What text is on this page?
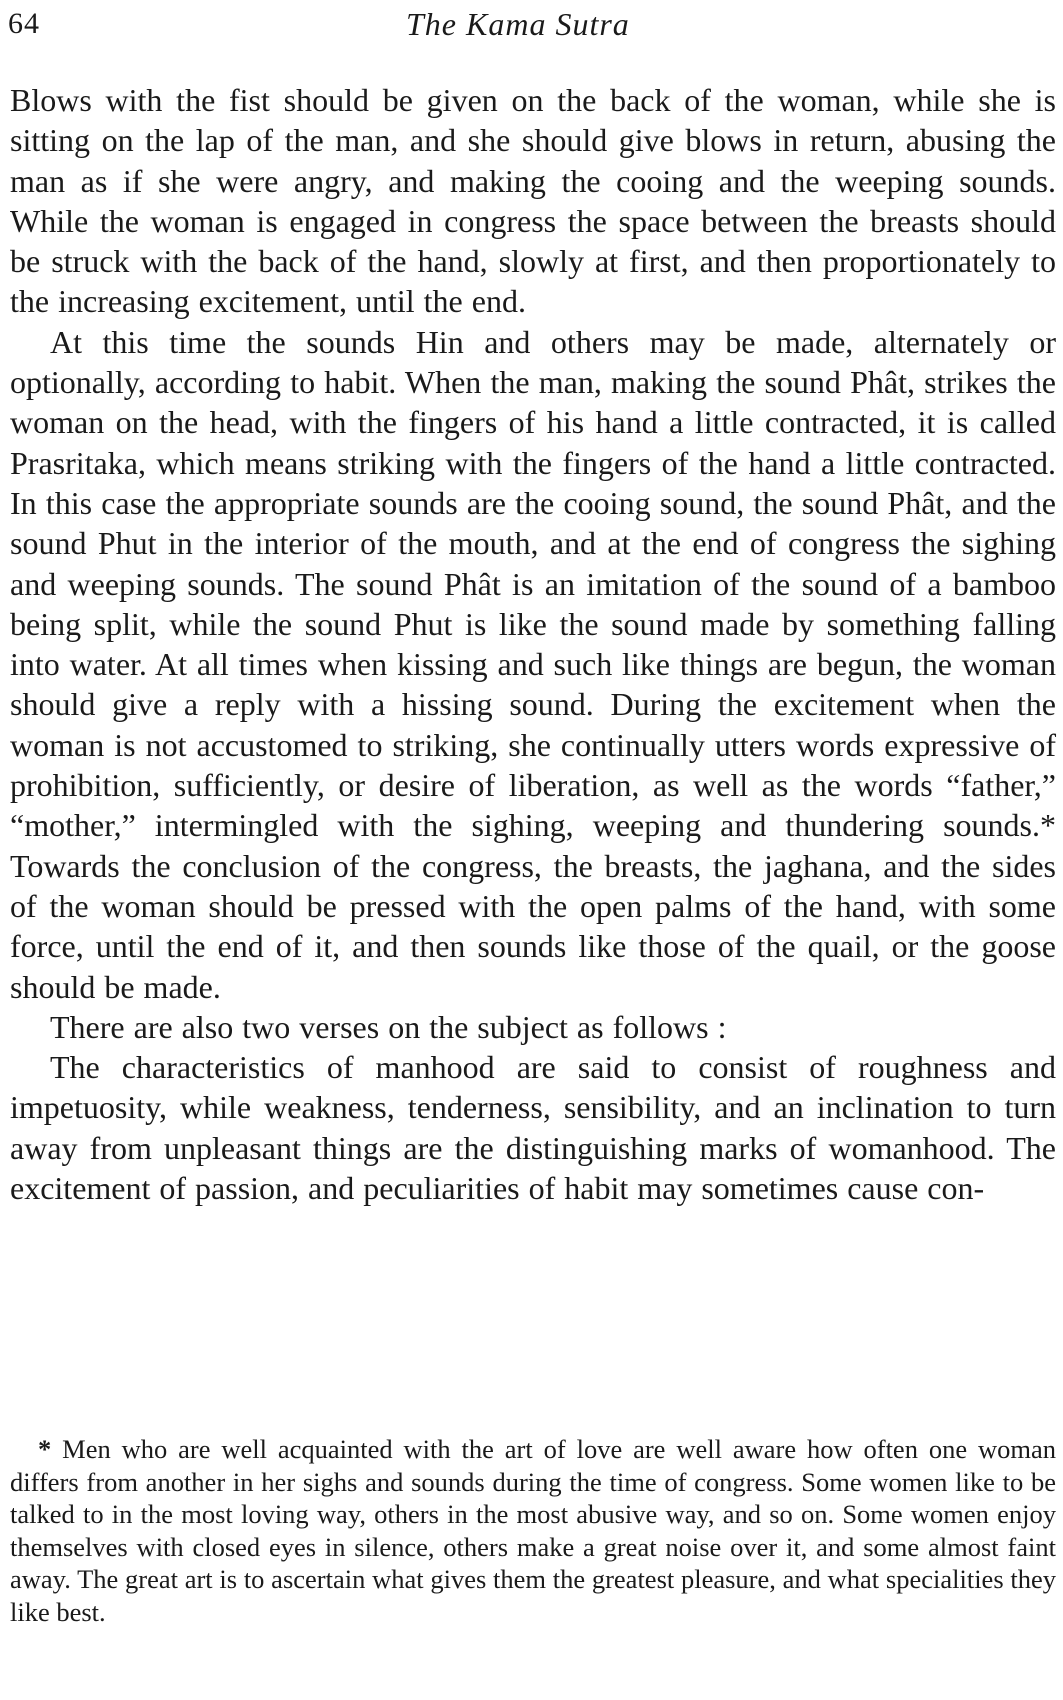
64	The Kama Sutra

Blows with the fist should be given on the back of the woman, while she is sitting on the lap of the man, and she should give blows in return, abusing the man as if she were angry, and making the cooing and the weeping sounds. While the woman is engaged in congress the space between the breasts should be struck with the back of the hand, slowly at first, and then proportionately to the increasing excitement, until the end.

At this time the sounds Hin and others may be made, alternately or optionally, according to habit. When the man, making the sound Phât, strikes the woman on the head, with the fingers of his hand a little contracted, it is called Prasritaka, which means striking with the fingers of the hand a little contracted. In this case the appropriate sounds are the cooing sound, the sound Phât, and the sound Phut in the interior of the mouth, and at the end of congress the sighing and weeping sounds. The sound Phât is an imitation of the sound of a bamboo being split, while the sound Phut is like the sound made by something falling into water. At all times when kissing and such like things are begun, the woman should give a reply with a hissing sound. During the excitement when the woman is not accustomed to striking, she continually utters words expressive of prohibition, sufficiently, or desire of liberation, as well as the words “father,” “mother,” intermingled with the sighing, weeping and thundering sounds.* Towards the conclusion of the congress, the breasts, the jaghana, and the sides of the woman should be pressed with the open palms of the hand, with some force, until the end of it, and then sounds like those of the quail, or the goose should be made.

There are also two verses on the subject as follows :

The characteristics of manhood are said to consist of roughness and impetuosity, while weakness, tenderness, sensibility, and an inclination to turn away from unpleasant things are the distinguishing marks of womanhood. The excitement of passion, and peculiarities of habit may sometimes cause con-

* Men who are well acquainted with the art of love are well aware how often one woman differs from another in her sighs and sounds during the time of congress. Some women like to be talked to in the most loving way, others in the most abusive way, and so on. Some women enjoy themselves with closed eyes in silence, others make a great noise over it, and some almost faint away. The great art is to ascertain what gives them the greatest pleasure, and what specialities they like best.
